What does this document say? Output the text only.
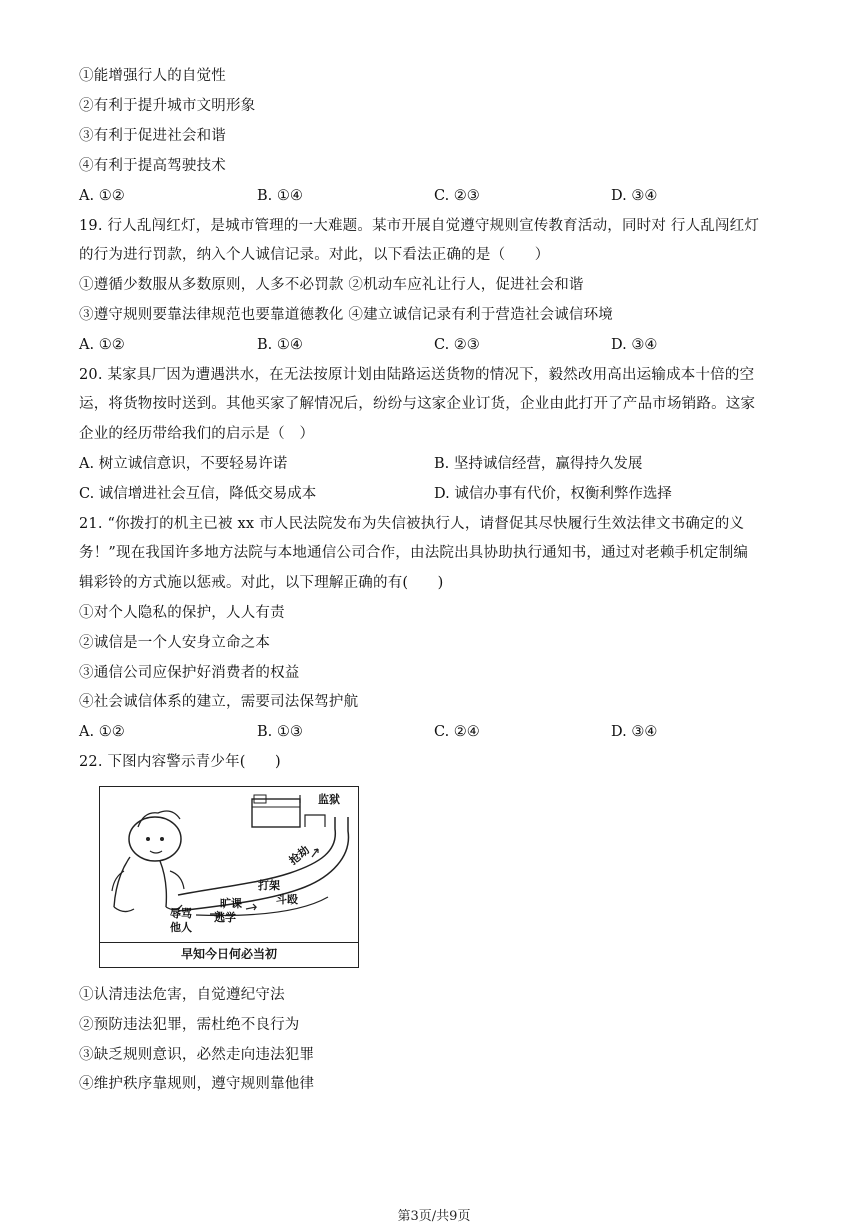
①能增强行人的自觉性
②有利于提升城市文明形象
③有利于促进社会和谐
④有利于提高驾驶技术
A. ①②	B. ①④	C. ②③	D. ③④
19. 行人乱闯红灯，是城市管理的一大难题。某市开展自觉遵守规则宣传教育活动，同时对 行人乱闯红灯
的行为进行罚款，纳入个人诚信记录。对此，以下看法正确的是（　　）
①遵循少数服从多数原则，人多不必罚款 ②机动车应礼让行人，促进社会和谐
③遵守规则要靠法律规范也要靠道德教化 ④建立诚信记录有利于营造社会诚信环境
A. ①②	B. ①④	C. ②③	D. ③④
20. 某家具厂因为遭遇洪水，在无法按原计划由陆路运送货物的情况下，毅然改用高出运输成本十倍的空
运，将货物按时送到。其他买家了解情况后，纷纷与这家企业订货，企业由此打开了产品市场销路。这家
企业的经历带给我们的启示是（　）
A. 树立诚信意识，不要轻易许诺	B. 坚持诚信经营，赢得持久发展
C. 诚信增进社会互信，降低交易成本	D. 诚信办事有代价，权衡利弊作选择
21. “你拨打的机主已被 xx 市人民法院发布为失信被执行人，请督促其尽快履行生效法律文书确定的义
务！”现在我国许多地方法院与本地通信公司合作，由法院出具协助执行通知书，通过对老赖手机定制编
辑彩铃的方式施以惩戒。对此，以下理解正确的有(　　)
①对个人隐私的保护，人人有责
②诚信是一个人安身立命之本
③通信公司应保护好消费者的权益
④社会诚信体系的建立，需要司法保驾护航
A. ①②	B. ①③	C. ②④	D. ③④
22. 下图内容警示青少年(　　)
监狱
抢劫
打架
斗殴
旷课
逃学
辱骂
他人
早知今日何必当初
①认清违法危害，自觉遵纪守法
②预防违法犯罪，需杜绝不良行为
③缺乏规则意识，必然走向违法犯罪
④维护秩序靠规则，遵守规则靠他律
第3页/共9页
